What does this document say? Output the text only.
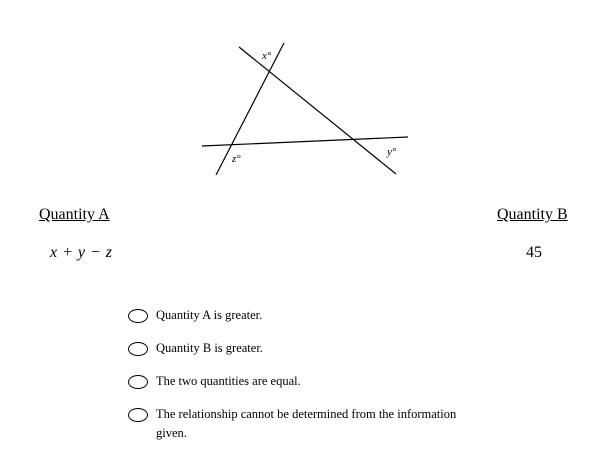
x°
y°
z°
Quantity A	Quantity B
x + y − z	45
Quantity A is greater.
Quantity B is greater.
The two quantities are equal.
The relationship cannot be determined from the information given.
